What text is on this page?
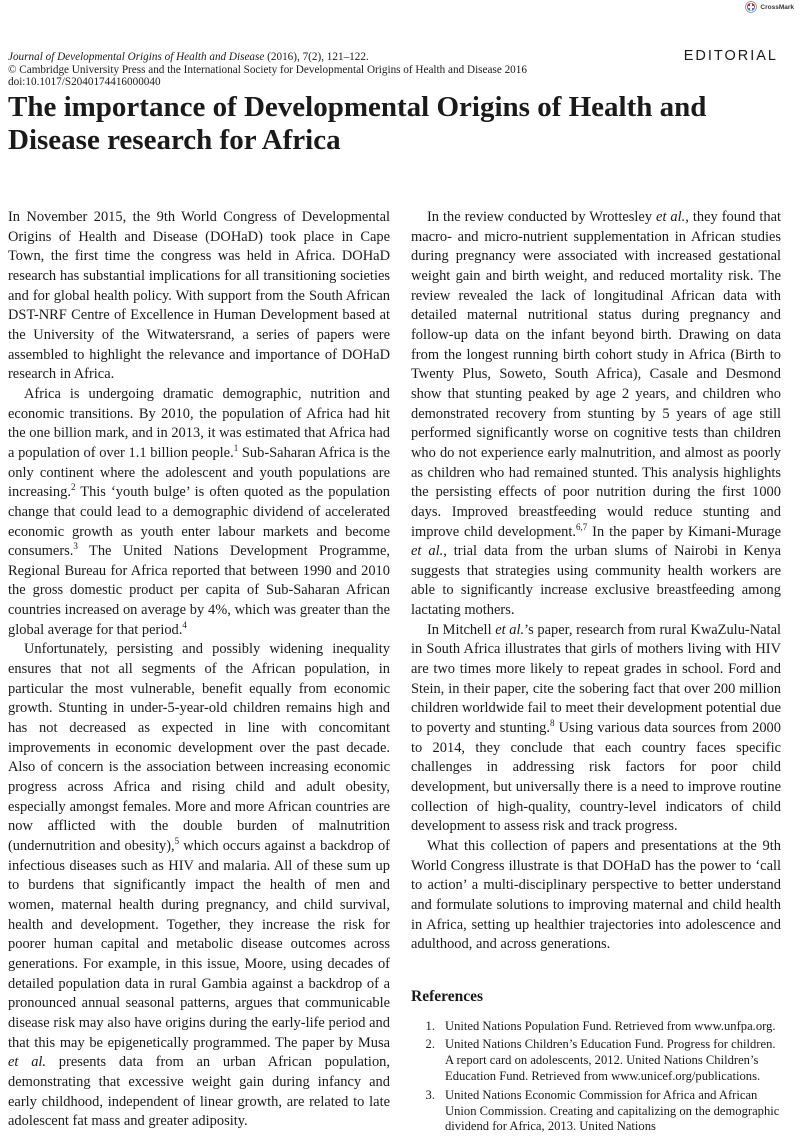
CrossMark
Journal of Developmental Origins of Health and Disease (2016), 7(2), 121–122.
© Cambridge University Press and the International Society for Developmental Origins of Health and Disease 2016
doi:10.1017/S2040174416000040
EDITORIAL
The importance of Developmental Origins of Health and Disease research for Africa

In November 2015, the 9th World Congress of Developmental Origins of Health and Disease (DOHaD) took place in Cape Town, the first time the congress was held in Africa. DOHaD research has substantial implications for all transitioning societies and for global health policy. With support from the South African DST-NRF Centre of Excellence in Human Development based at the University of the Witwatersrand, a series of papers were assembled to highlight the relevance and importance of DOHaD research in Africa.

Africa is undergoing dramatic demographic, nutrition and economic transitions. By 2010, the population of Africa had hit the one billion mark, and in 2013, it was estimated that Africa had a population of over 1.1 billion people.$^1$ Sub-Saharan Africa is the only continent where the adolescent and youth populations are increasing.$^2$ This ‘youth bulge’ is often quoted as the population change that could lead to a demographic dividend of accelerated economic growth as youth enter labour markets and become consumers.$^3$ The United Nations Development Programme, Regional Bureau for Africa reported that between 1990 and 2010 the gross domestic product per capita of Sub-Saharan African countries increased on average by 4%, which was greater than the global average for that period.$^4$

Unfortunately, persisting and possibly widening inequality ensures that not all segments of the African population, in particular the most vulnerable, benefit equally from economic growth. Stunting in under-5-year-old children remains high and has not decreased as expected in line with concomitant improvements in economic development over the past decade. Also of concern is the association between increasing economic progress across Africa and rising child and adult obesity, especially amongst females. More and more African countries are now afflicted with the double burden of malnutrition (undernutrition and obesity),$^5$ which occurs against a backdrop of infectious diseases such as HIV and malaria. All of these sum up to burdens that significantly impact the health of men and women, maternal health during pregnancy, and child survival, health and development. Together, they increase the risk for poorer human capital and metabolic disease outcomes across generations. For example, in this issue, Moore, using decades of detailed population data in rural Gambia against a backdrop of a pronounced annual seasonal patterns, argues that communicable disease risk may also have origins during the early-life period and that this may be epigenetically programmed. The paper by Musa et al. presents data from an urban African population, demonstrating that excessive weight gain during infancy and early childhood, independent of linear growth, are related to late adolescent fat mass and greater adiposity.

In the review conducted by Wrottesley et al., they found that macro- and micro-nutrient supplementation in African studies during pregnancy were associated with increased gestational weight gain and birth weight, and reduced mortality risk. The review revealed the lack of longitudinal African data with detailed maternal nutritional status during pregnancy and follow-up data on the infant beyond birth. Drawing on data from the longest running birth cohort study in Africa (Birth to Twenty Plus, Soweto, South Africa), Casale and Desmond show that stunting peaked by age 2 years, and children who demonstrated recovery from stunting by 5 years of age still performed significantly worse on cognitive tests than children who do not experience early malnutrition, and almost as poorly as children who had remained stunted. This analysis highlights the persisting effects of poor nutrition during the first 1000 days. Improved breastfeeding would reduce stunting and improve child development.$^{6,7}$ In the paper by Kimani-Murage et al., trial data from the urban slums of Nairobi in Kenya suggests that strategies using community health workers are able to significantly increase exclusive breastfeeding among lactating mothers.

In Mitchell et al.’s paper, research from rural KwaZulu-Natal in South Africa illustrates that girls of mothers living with HIV are two times more likely to repeat grades in school. Ford and Stein, in their paper, cite the sobering fact that over 200 million children worldwide fail to meet their development potential due to poverty and stunting.$^8$ Using various data sources from 2000 to 2014, they conclude that each country faces specific challenges in addressing risk factors for poor child development, but universally there is a need to improve routine collection of high-quality, country-level indicators of child development to assess risk and track progress.

What this collection of papers and presentations at the 9th World Congress illustrate is that DOHaD has the power to ‘call to action’ a multi-disciplinary perspective to better understand and formulate solutions to improving maternal and child health in Africa, setting up healthier trajectories into adolescence and adulthood, and across generations.

References
1. United Nations Population Fund. Retrieved from www.unfpa.org.
2. United Nations Children’s Education Fund. Progress for children. A report card on adolescents, 2012. United Nations Children’s Education Fund. Retrieved from www.unicef.org/publications.
3. United Nations Economic Commission for Africa and African Union Commission. Creating and capitalizing on the demographic dividend for Africa, 2013. United Nations
